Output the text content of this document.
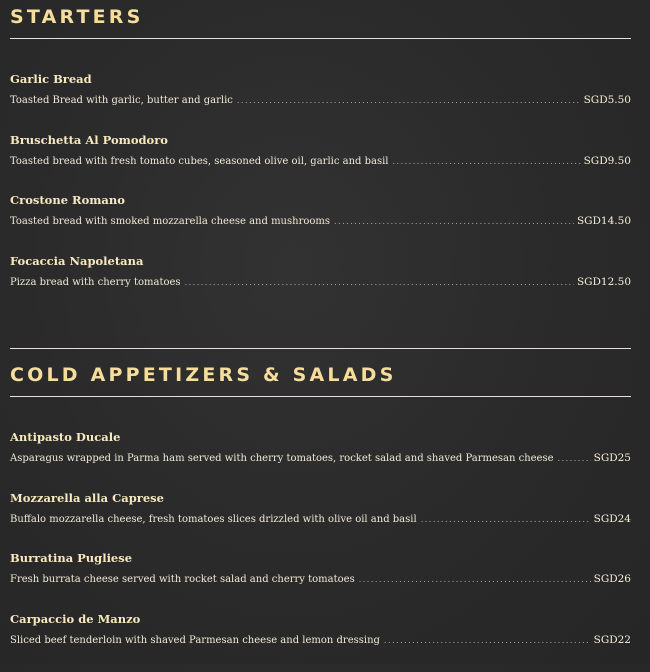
STARTERS
Garlic Bread
Toasted Bread with garlic, butter and garlic .....	SGD5.50
Bruschetta Al Pomodoro
Toasted bread with fresh tomato cubes, seasoned olive oil, garlic and basil .....	SGD9.50
Crostone Romano
Toasted bread with smoked mozzarella cheese and mushrooms .....	SGD14.50
Focaccia Napoletana
Pizza bread with cherry tomatoes .....	SGD12.50
COLD APPETIZERS & SALADS
Antipasto Ducale
Asparagus wrapped in Parma ham served with cherry tomatoes, rocket salad and shaved Parmesan cheese .....	SGD25
Mozzarella alla Caprese
Buffalo mozzarella cheese, fresh tomatoes slices drizzled with olive oil and basil .....	SGD24
Burratina Pugliese
Fresh burrata cheese served with rocket salad and cherry tomatoes .....	SGD26
Carpaccio de Manzo
Sliced beef tenderloin with shaved Parmesan cheese and lemon dressing .....	SGD22
